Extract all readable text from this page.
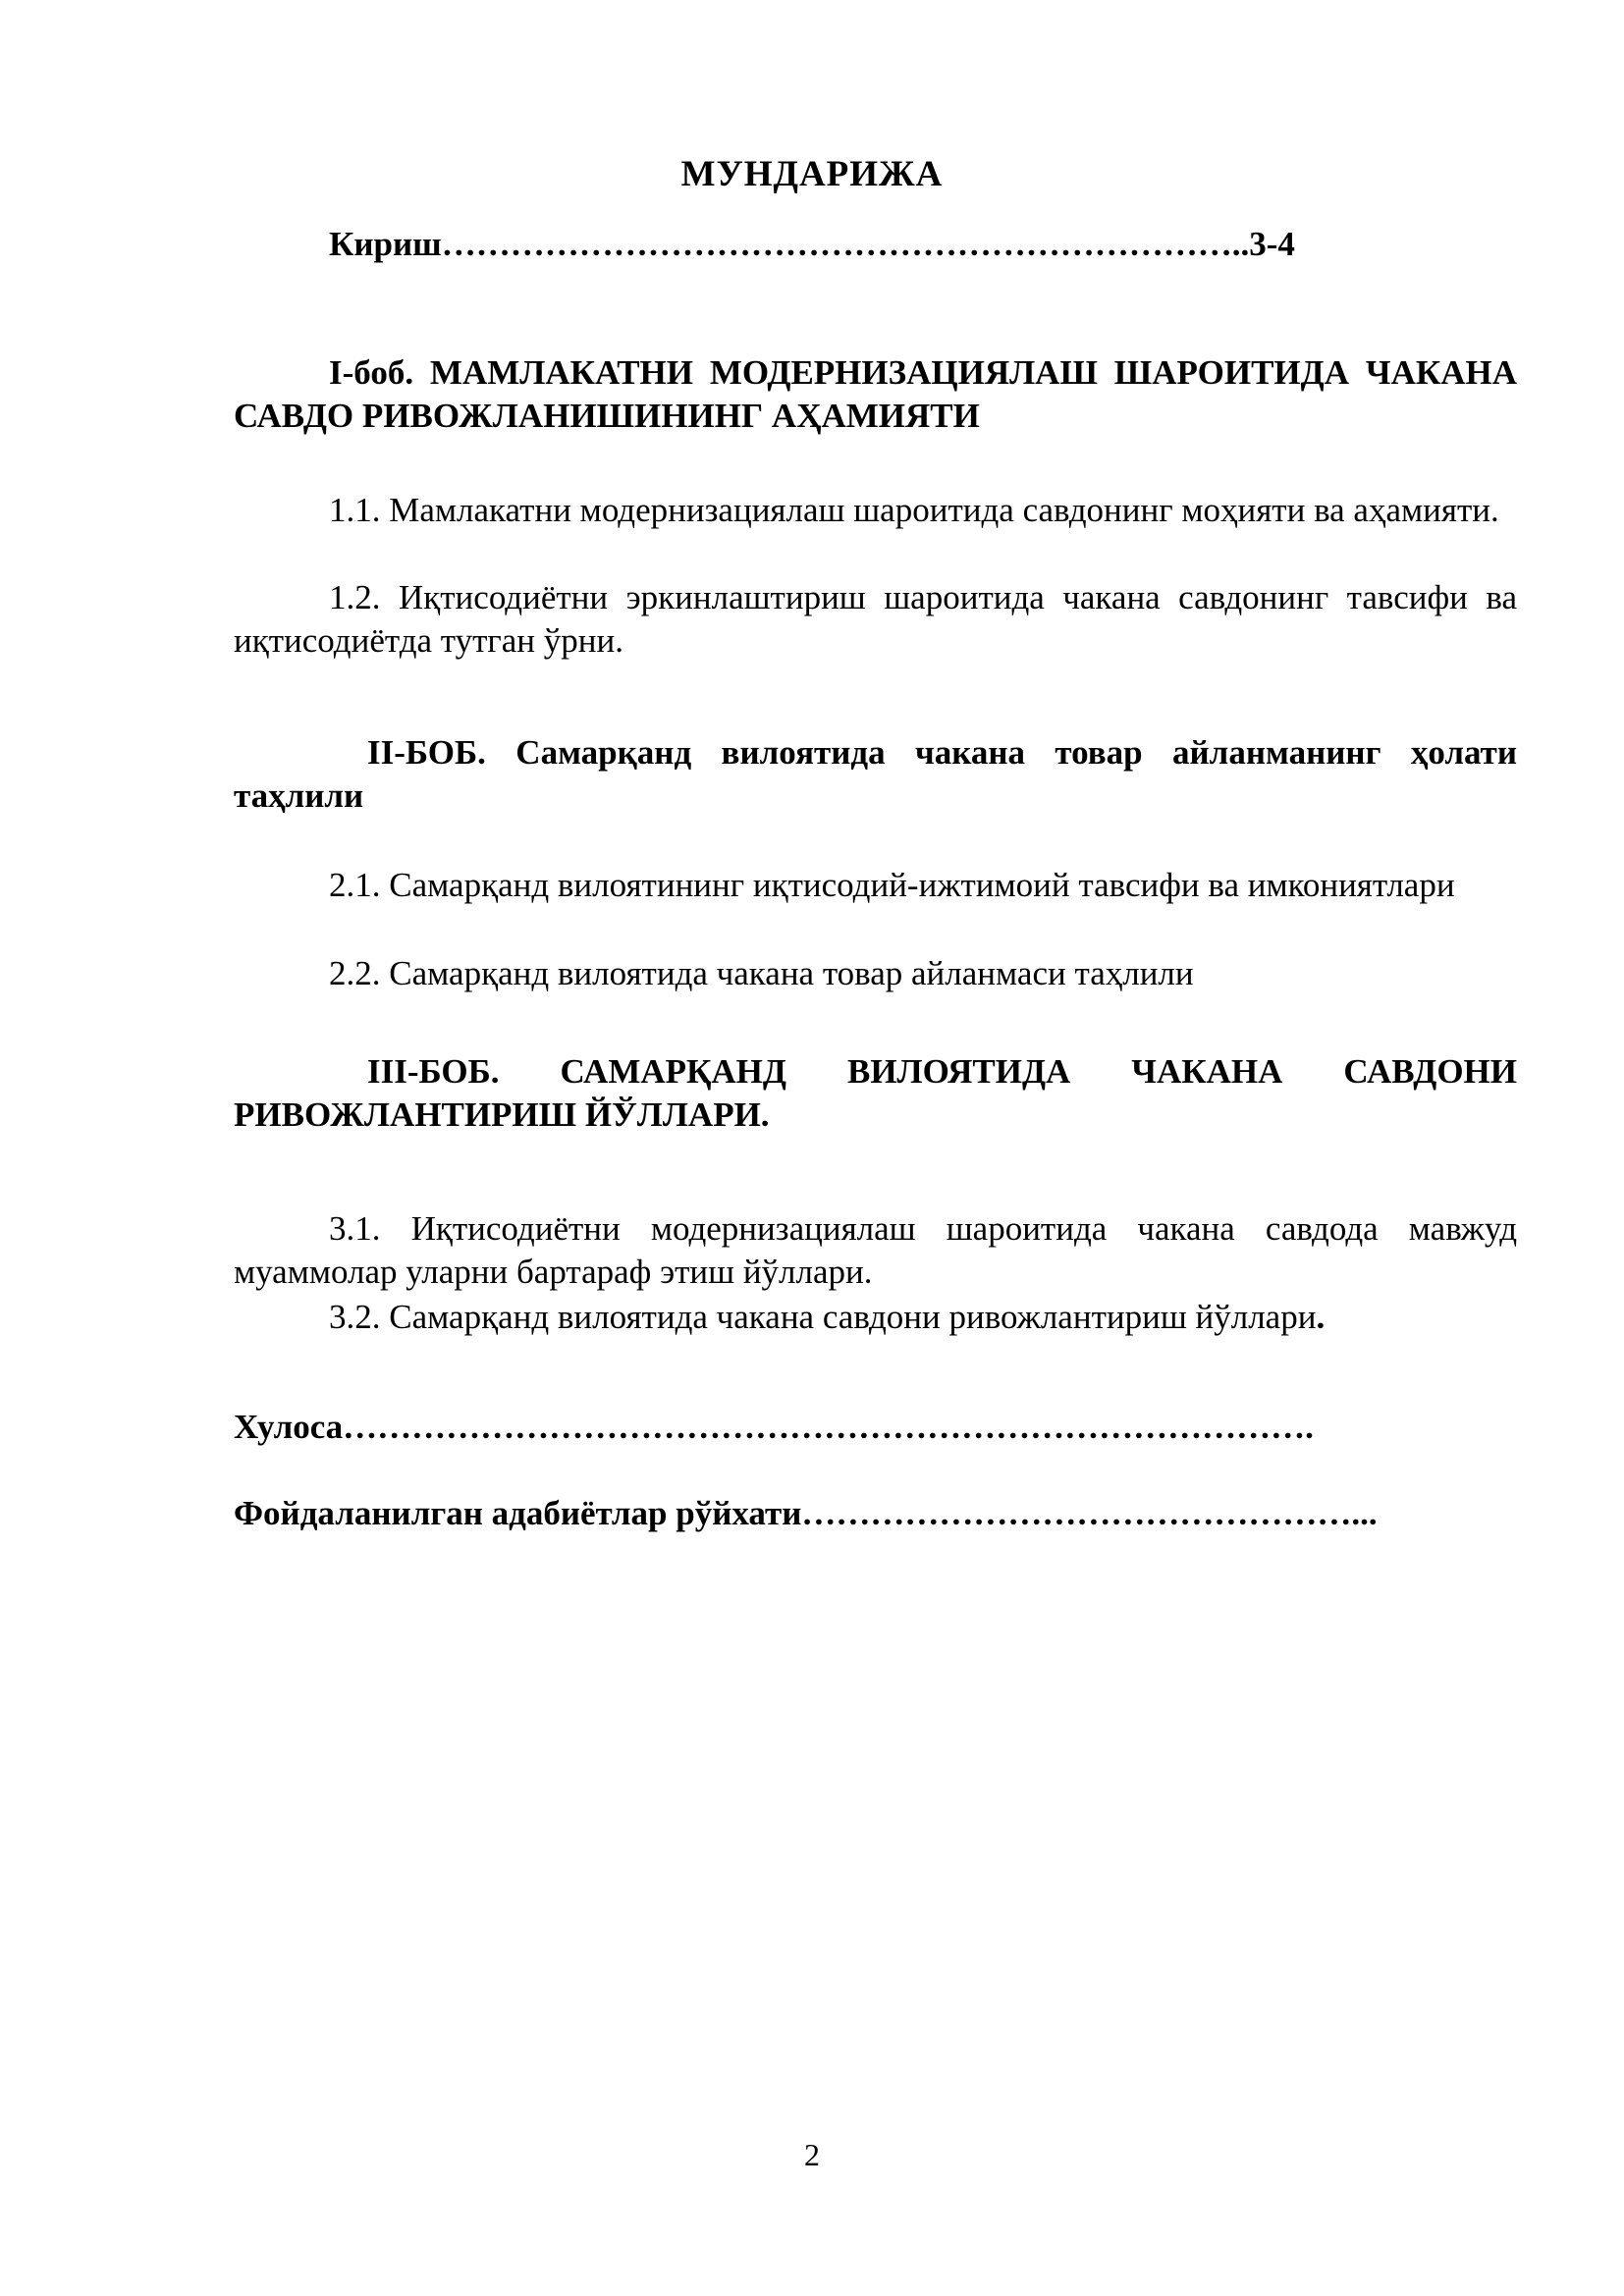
МУНДАРИЖА
Кириш……………………………………………………………..3-4
I-боб. МАМЛАКАТНИ МОДЕРНИЗАЦИЯЛАШ ШАРОИТИДА ЧАКАНА САВДО РИВОЖЛАНИШИНИНГ АҲАМИЯТИ
1.1. Мамлакатни модернизациялаш шароитида савдонинг моҳияти ва аҳамияти.
1.2. Иқтисодиётни эркинлаштириш шароитида чакана савдонинг тавсифи ва иқтисодиётда тутган ўрни.
II-БОБ. Самарқанд вилоятида чакана товар айланманинг ҳолати таҳлили
2.1. Самарқанд вилоятининг иқтисодий-ижтимоий тавсифи ва имкониятлари
2.2. Самарқанд вилоятида чакана товар айланмаси таҳлили
III-БОБ. САМАРҚАНД ВИЛОЯТИДА ЧАКАНА САВДОНИ РИВОЖЛАНТИРИШ ЙЎЛЛАРИ.
3.1. Иқтисодиётни модернизациялаш шароитида чакана савдода мавжуд муаммолар уларни бартараф этиш йўллари.
3.2. Самарқанд вилоятида чакана савдони ривожлантириш йўллари.
Хулоса………………………………………………………………………….
Фойдаланилган адабиётлар рўйхати…………………………………………...
2
